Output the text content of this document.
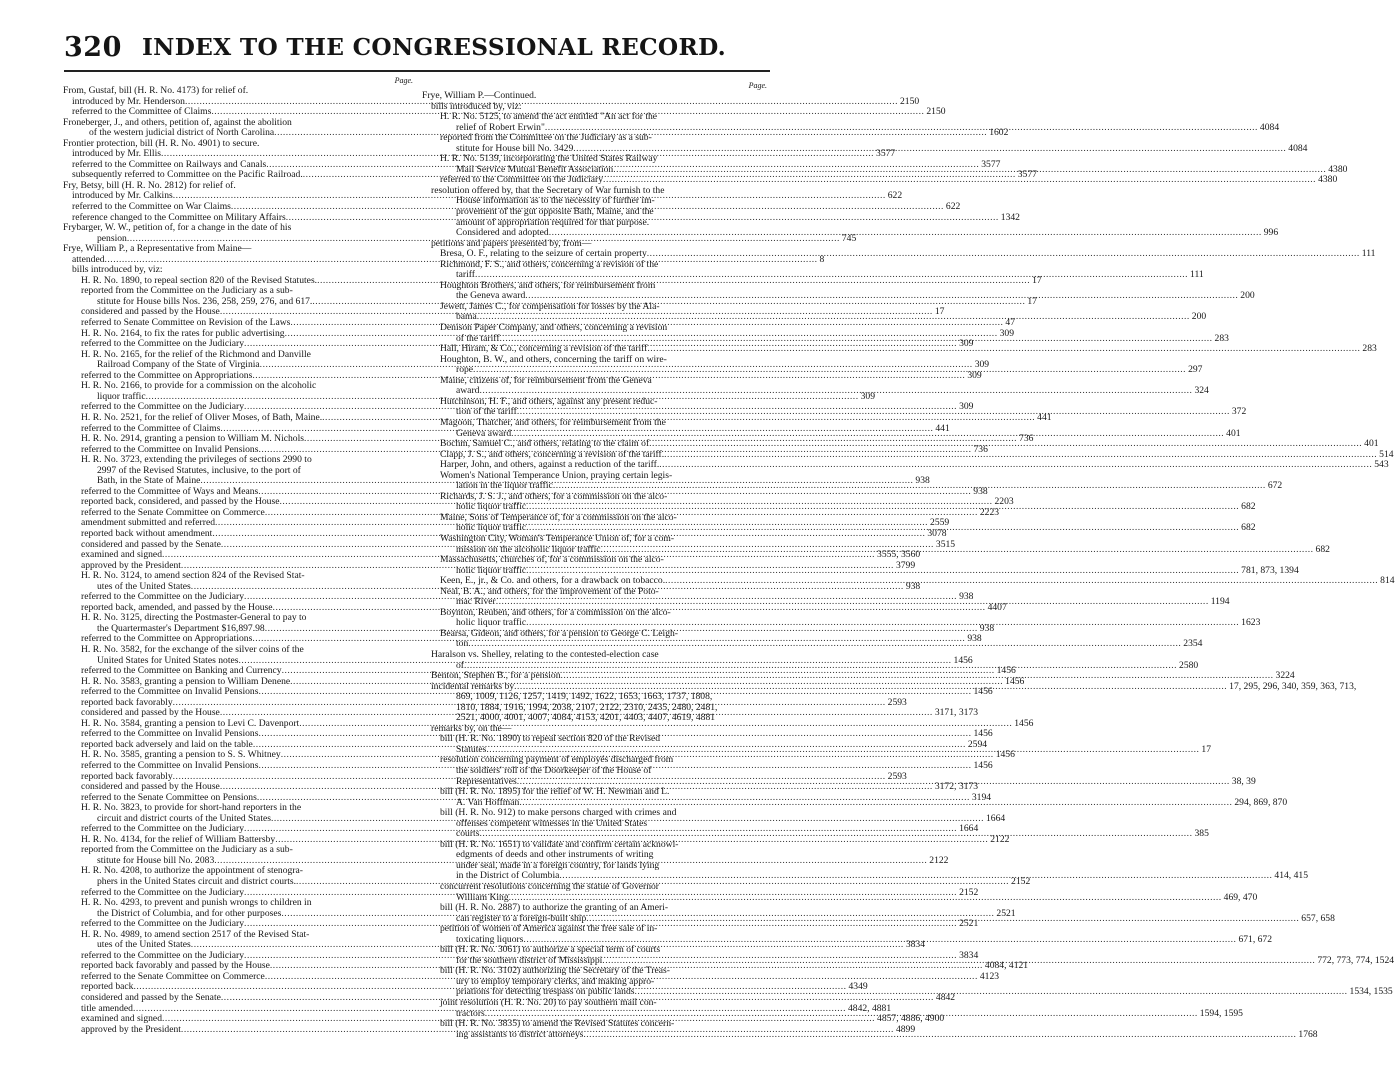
320 INDEX TO THE CONGRESSIONAL RECORD.
Page.
From, Gustaf, bill (H. R. No. 4173) for relief of.
introduced by Mr. Henderson .....	2150
referred to the Committee of Claims .....	2150
Froneberger, J., and others, petition of, against the abolition
of the western judicial district of North Carolina .....	1602
Frontier protection, bill (H. R. No. 4901) to secure.
introduced by Mr. Ellis .....	3577
referred to the Committee on Railways and Canals .....	3577
subsequently referred to Committee on the Pacific Railroad. .....	3577
Fry, Betsy, bill (H. R. No. 2812) for relief of.
introduced by Mr. Calkins .....	622
referred to the Committee on War Claims .....	622
reference changed to the Committee on Military Affairs .....	1342
Frybarger, W. W., petition of, for a change in the date of his
pension .....	745
Frye, William P., a Representative from Maine—
attended .....	8
bills introduced by, viz:
H. R. No. 1890, to repeal section 820 of the Revised Statutes. .....	17
reported from the Committee on the Judiciary as a sub-
stitute for House bills Nos. 236, 258, 259, 276, and 617. .....	17
considered and passed by the House .....	17
referred to Senate Committee on Revision of the Laws .....	47
H. R. No. 2164, to fix the rates for public advertising .....	309
referred to the Committee on the Judiciary .....	309
H. R. No. 2165, for the relief of the Richmond and Danville
Railroad Company of the State of Virginia .....	309
referred to the Committee on Appropriations .....	309
H. R. No. 2166, to provide for a commission on the alcoholic
liquor traffic .....	309
referred to the Committee on the Judiciary .....	309
H. R. No. 2521, for the relief of Oliver Moses, of Bath, Maine. .....	441
referred to the Committee of Claims .....	441
H. R. No. 2914, granting a pension to William M. Nichols .....	736
referred to the Committee on Invalid Pensions .....	736
H. R. No. 3723, extending the privileges of sections 2990 to
2997 of the Revised Statutes, inclusive, to the port of
Bath, in the State of Maine .....	938
referred to the Committee of Ways and Means .....	938
reported back, considered, and passed by the House .....	2203
referred to the Senate Committee on Commerce .....	2223
amendment submitted and referred .....	2559
reported back without amendment .....	3078
considered and passed by the Senate .....	3515
examined and signed .....	3555, 3560
approved by the President .....	3799
H. R. No. 3124, to amend section 824 of the Revised Stat-
utes of the United States .....	938
referred to the Committee on the Judiciary .....	938
reported back, amended, and passed by the House .....	4407
H. R. No. 3125, directing the Postmaster-General to pay to
the Quartermaster's Department $16,897.98 .....	938
referred to the Committee on Appropriations .....	938
H. R. No. 3582, for the exchange of the silver coins of the
United States for United States notes .....	1456
referred to the Committee on Banking and Currency .....	1456
H. R. No. 3583, granting a pension to William Denene .....	1456
referred to the Committee on Invalid Pensions .....	1456
reported back favorably .....	2593
considered and passed by the House .....	3171, 3173
H. R. No. 3584, granting a pension to Levi C. Davenport .....	1456
referred to the Committee on Invalid Pensions .....	1456
reported back adversely and laid on the table .....	2594
H. R. No. 3585, granting a pension to S. S. Whitney .....	1456
referred to the Committee on Invalid Pensions .....	1456
reported back favorably .....	2593
considered and passed by the House .....	3172, 3173
referred to the Senate Committee on Pensions .....	3194
H. R. No. 3823, to provide for short-hand reporters in the
circuit and district courts of the United States .....	1664
referred to the Committee on the Judiciary .....	1664
H. R. No. 4134, for the relief of William Battersby .....	2122
reported from the Committee on the Judiciary as a sub-
stitute for House bill No. 2083 .....	2122
H. R. No. 4208, to authorize the appointment of stenogra-
phers in the United States circuit and district courts. .....	2152
referred to the Committee on the Judiciary .....	2152
H. R. No. 4293, to prevent and punish wrongs to children in
the District of Columbia, and for other purposes .....	2521
referred to the Committee on the Judiciary .....	2521
H. R. No. 4989, to amend section 2517 of the Revised Stat-
utes of the United States .....	3834
referred to the Committee on the Judiciary .....	3834
reported back favorably and passed by the House .....	4084, 4121
referred to the Senate Committee on Commerce .....	4123
reported back .....	4349
considered and passed by the Senate .....	4842
title amended .....	4842, 4881
examined and signed .....	4857, 4886, 4900
approved by the President .....	4899
Page.
Frye, William P.—Continued.
bills introduced by, viz:
H. R. No. 5125, to amend the act entitled "An act for the
relief of Robert Erwin" .....	4084
reported from the Committee on the Judiciary as a sub-
stitute for House bill No. 3429 .....	4084
H. R. No. 5139, incorporating the United States Railway
Mail Service Mutual Benefit Association .....	4380
referred to the Committee on the Judiciary .....	4380
resolution offered by, that the Secretary of War furnish to the
House information as to the necessity of further im-
provement of the gut opposite Bath, Maine, and the
amount of appropriation required for that purpose.
Considered and adopted .....	996
petitions and papers presented by, from—
Bresa, O. F., relating to the seizure of certain property .....	111
Richmond, F. S., and others, concerning a revision of the
tariff .....	111
Houghton Brothers, and others, for reimbursement from
the Geneva award .....	200
Jewett, James C., for compensation for losses by the Ala-
bama .....	200
Denison Paper Company, and others, concerning a revision
of the tariff .....	283
Hall, Hiram, & Co., concerning a revision of the tariff .....	283
Houghton, B. W., and others, concerning the tariff on wire-
rope .....	297
Maine, citizens of, for reimbursement from the Geneva
award .....	324
Hutchinson, H. F., and others, against any present reduc-
tion of the tariff .....	372
Magoon, Thatcher, and others, for reimbursement from the
Geneva award .....	401
Bochm, Samuel C., and others, relating to the claim of .....	401
Clapp, J. S., and others, concerning a revision of the tariff. .....	514
Harper, John, and others, against a reduction of the tariff. .....	543
Women's National Temperance Union, praying certain legis-
lation in the liquor traffic .....	672
Richards, J. S. J., and others, for a commission on the alco-
holic liquor traffic .....	682
Maine, Sons of Temperance of, for a commission on the alco-
holic liquor traffic .....	682
Washington City, Woman's Temperance Union of, for a com-
mission on the alcoholic liquor traffic .....	682
Massachusetts, churches of, for a commission on the alco-
holic liquor traffic .....	781, 873, 1394
Keen, E., jr., & Co. and others, for a drawback on tobacco. .....	814
Neal, B. A., and others, for the improvement of the Poto-
mac River .....	1194
Boynton, Reuben, and others, for a commission on the alco-
holic liquor traffic .....	1623
Bearsa, Gideon, and others, for a pension to George C. Leigh-
ton .....	2354
Haralson vs. Shelley, relating to the contested-election case
of .....	2580
Benton, Stephen B., for a pension .....	3224
incidental remarks by .....	17, 295, 296, 340, 359, 363, 713,
869, 1009, 1126, 1257, 1419, 1492, 1622, 1653, 1663, 1737, 1808,
1810, 1884, 1916, 1994, 2038, 2107, 2122, 2310, 2435, 2480, 2481,
2521, 4000, 4001, 4007, 4084, 4153, 4201, 4403, 4407, 4619, 4881
remarks by, on the—
bill (H. R. No. 1890) to repeal section 820 of the Revised
Statutes .....	17
resolution concerning payment of employés discharged from
the soldiers' roll of the Doorkeeper of the House of
Representatives .....	38, 39
bill (H. R. No. 1895) for the relief of W. H. Newman and L.
A. Van Hoffman .....	294, 869, 870
bill (H. R. No. 912) to make persons charged with crimes and
offenses competent witnesses in the United States
courts .....	385
bill (H. R. No. 1651) to validate and confirm certain acknowl-
edgments of deeds and other instruments of writing
under seal, made in a foreign country, for lands lying
in the District of Columbia .....	414, 415
concurrent resolutions concerning the statue of Governor
William King .....	469, 470
bill (H. R. No. 2887) to authorize the granting of an Ameri-
can register to a foreign-built ship .....	657, 658
petition of women of America against the free sale of in-
toxicating liquors .....	671, 672
bill (H. R. No. 3061) to authorize a special term of courts
for the southern district of Mississippi .....	772, 773, 774, 1524
bill (H. R. No. 3102) authorizing the Secretary of the Treas-
ury to employ temporary clerks, and making appro-
priations for detecting trespass on public lands .....	1534, 1535
joint resolution (H. R. No. 20) to pay southern mail con-
tractors .....	1594, 1595
bill (H. R. No. 3835) to amend the Revised Statutes concern-
ing assistants to district attorneys .....	1768
